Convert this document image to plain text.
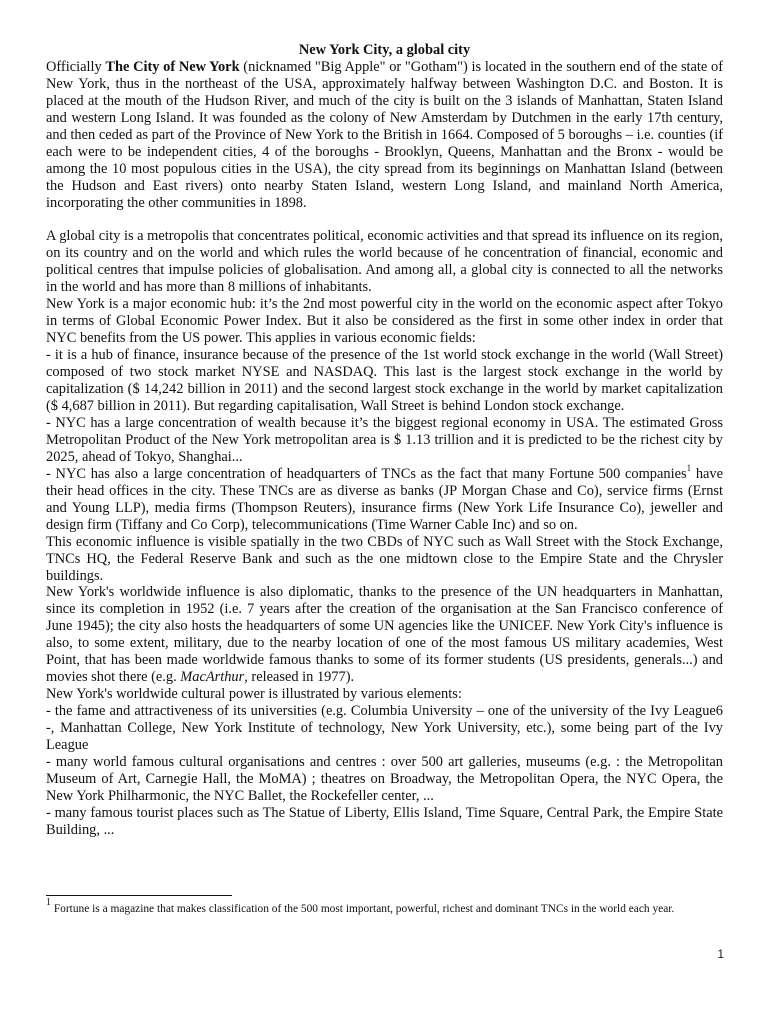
New York City, a global city

Officially The City of New York (nicknamed "Big Apple" or "Gotham") is located in the southern end of the state of New York, thus in the northeast of the USA, approximately halfway between Washington D.C. and Boston. It is placed at the mouth of the Hudson River, and much of the city is built on the 3 islands of Manhattan, Staten Island and western Long Island. It was founded as the colony of New Amsterdam by Dutchmen in the early 17th century, and then ceded as part of the Province of New York to the British in 1664. Composed of 5 boroughs – i.e. counties (if each were to be independent cities, 4 of the boroughs - Brooklyn, Queens, Manhattan and the Bronx - would be among the 10 most populous cities in the USA), the city spread from its beginnings on Manhattan Island (between the Hudson and East rivers) onto nearby Staten Island, western Long Island, and mainland North America, incorporating the other communities in 1898.

A global city is a metropolis that concentrates political, economic activities and that spread its influence on its region, on its country and on the world and which rules the world because of he concentration of financial, economic and political centres that impulse policies of globalisation. And among all, a global city is connected to all the networks in the world and has more than 8 millions of inhabitants.

New York is a major economic hub: it’s the 2nd most powerful city in the world on the economic aspect after Tokyo in terms of Global Economic Power Index. But it also be considered as the first in some other index in order that NYC benefits from the US power. This applies in various economic fields:

- it is a hub of finance, insurance because of the presence of the 1st world stock exchange in the world (Wall Street) composed of two stock market NYSE and NASDAQ. This last is the largest stock exchange in the world by capitalization ($ 14,242 billion in 2011) and the second largest stock exchange in the world by market capitalization ($ 4,687 billion in 2011). But regarding capitalisation, Wall Street is behind London stock exchange.

- NYC has a large concentration of wealth because it’s the biggest regional economy in USA. The estimated Gross Metropolitan Product of the New York metropolitan area is $ 1.13 trillion and it is predicted to be the richest city by 2025, ahead of Tokyo, Shanghai...

- NYC has also a large concentration of headquarters of TNCs as the fact that many Fortune 500 companies$^1$ have their head offices in the city. These TNCs are as diverse as banks (JP Morgan Chase and Co), service firms (Ernst and Young LLP), media firms (Thompson Reuters), insurance firms (New York Life Insurance Co), jeweller and design firm (Tiffany and Co Corp), telecommunications (Time Warner Cable Inc) and so on.

This economic influence is visible spatially in the two CBDs of NYC such as Wall Street with the Stock Exchange, TNCs HQ, the Federal Reserve Bank and such as the one midtown close to the Empire State and the Chrysler buildings.

New York's worldwide influence is also diplomatic, thanks to the presence of the UN headquarters in Manhattan, since its completion in 1952 (i.e. 7 years after the creation of the organisation at the San Francisco conference of June 1945); the city also hosts the headquarters of some UN agencies like the UNICEF. New York City's influence is also, to some extent, military, due to the nearby location of one of the most famous US military academies, West Point, that has been made worldwide famous thanks to some of its former students (US presidents, generals...) and movies shot there (e.g. MacArthur, released in 1977).

New York's worldwide cultural power is illustrated by various elements:

- the fame and attractiveness of its universities (e.g. Columbia University – one of the university of the Ivy League6 -, Manhattan College, New York Institute of technology, New York University, etc.), some being part of the Ivy League

- many world famous cultural organisations and centres : over 500 art galleries, museums (e.g. : the Metropolitan Museum of Art, Carnegie Hall, the MoMA) ; theatres on Broadway, the Metropolitan Opera, the NYC Opera, the New York Philharmonic, the NYC Ballet, the Rockefeller center, ...

- many famous tourist places such as The Statue of Liberty, Ellis Island, Time Square, Central Park, the Empire State Building, ...

$^1$ Fortune is a magazine that makes classification of the 500 most important, powerful, richest and dominant TNCs in the world each year.
1
